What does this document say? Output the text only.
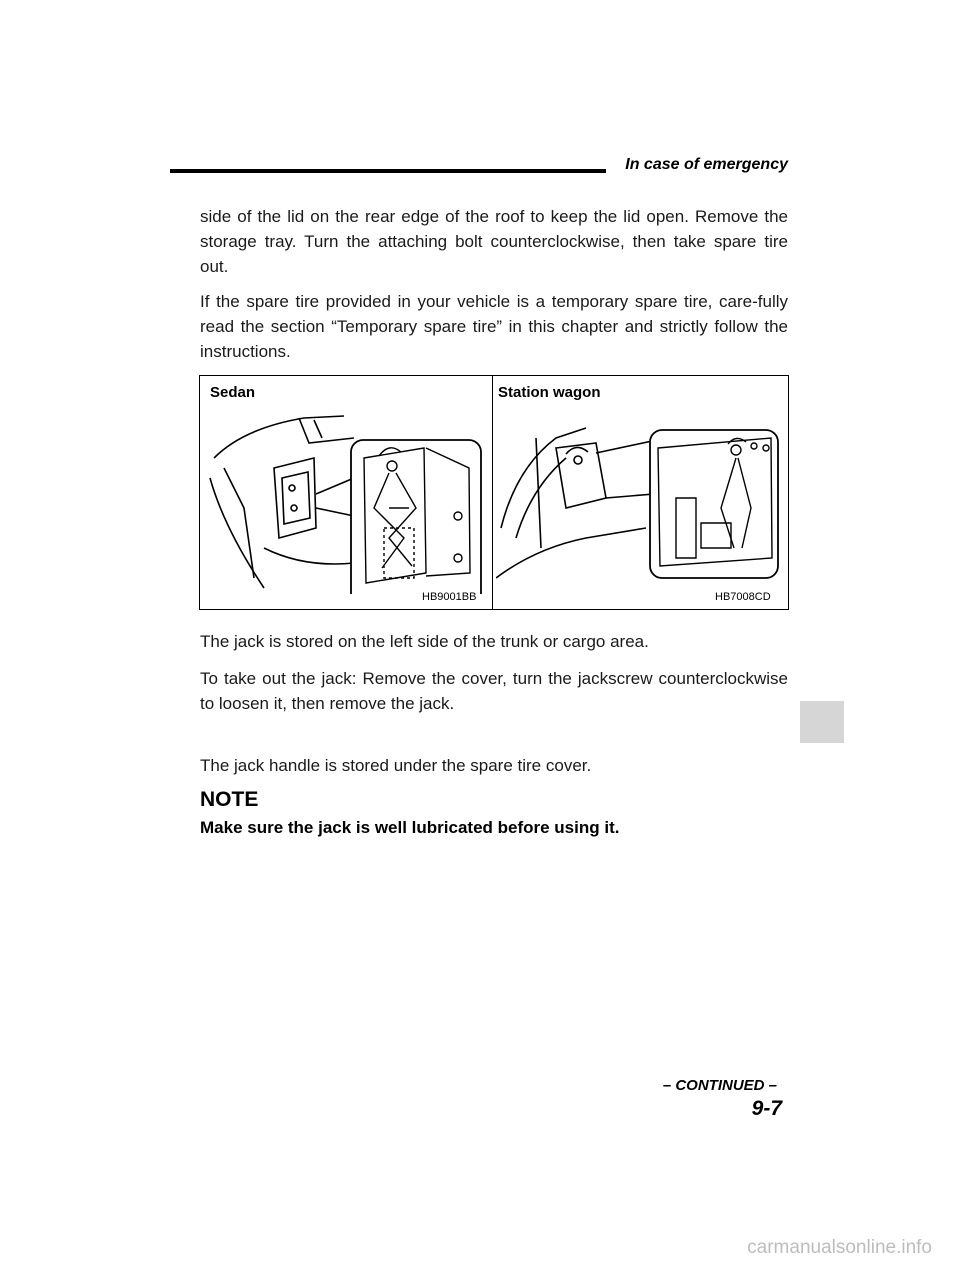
In case of emergency

side of the lid on the rear edge of the roof to keep the lid open. Remove the storage tray. Turn the attaching bolt counterclockwise, then take spare tire out.

If the spare tire provided in your vehicle is a temporary spare tire, care-fully read the section “Temporary spare tire” in this chapter and strictly follow the instructions.

Sedan	Station wagon
HB9001BB	HB7008CD

The jack is stored on the left side of the trunk or cargo area.

To take out the jack: Remove the cover, turn the jackscrew counterclockwise to loosen it, then remove the jack.

The jack handle is stored under the spare tire cover.

NOTE
Make sure the jack is well lubricated before using it.
– CONTINUED –
9-7
carmanualsonline.info
